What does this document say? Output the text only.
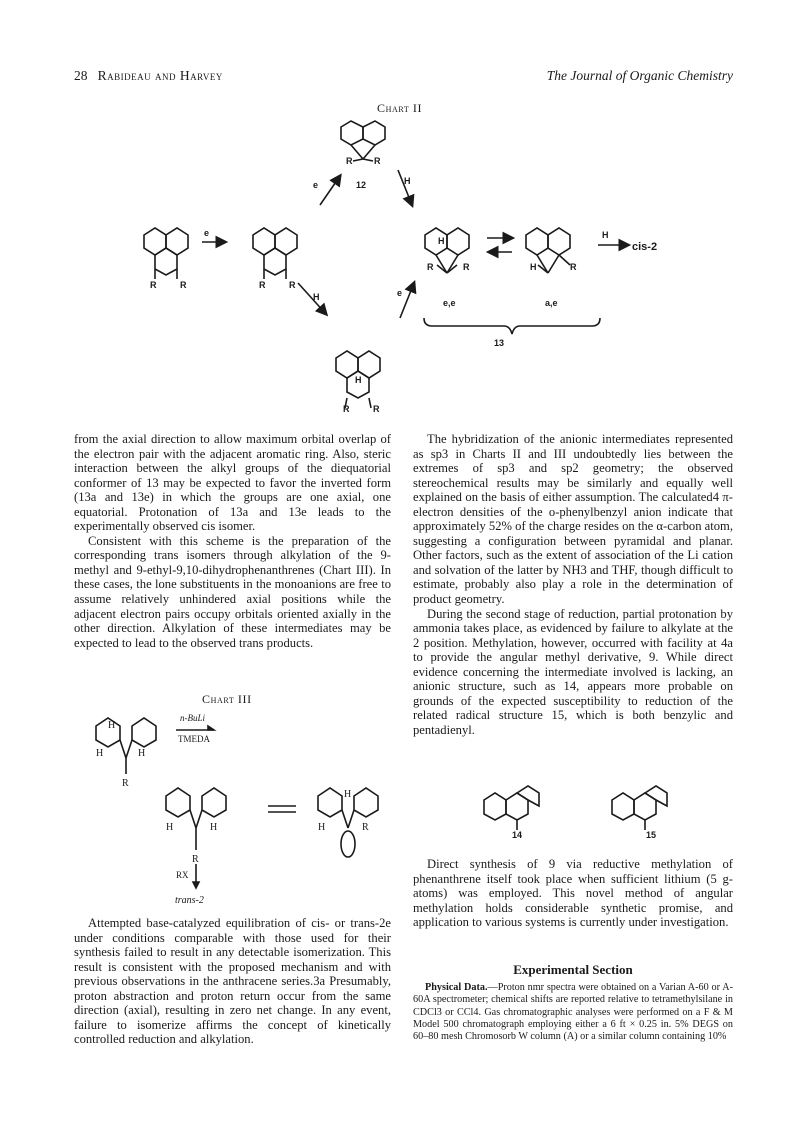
28 Rabideau and Harvey	The Journal of Organic Chemistry
Chart II
R R
12
e	H
e
R	R	R	R
H	e
R	R
H
H
R	R	H	R
H
cis-2
e,e	a,e
13

from the axial direction to allow maximum orbital overlap of the electron pair with the adjacent aromatic ring. Also, steric interaction between the alkyl groups of the diequatorial conformer of 13 may be expected to favor the inverted form (13a and 13e) in which the groups are one axial, one equatorial. Protonation of 13a and 13e leads to the experimentally observed cis isomer.

Consistent with this scheme is the preparation of the corresponding trans isomers through alkylation of the 9-methyl and 9-ethyl-9,10-dihydrophenanthrenes (Chart III). In these cases, the lone substituents in the monoanions are free to assume relatively unhindered axial positions while the adjacent electron pairs occupy orbitals oriented axially in the other direction. Alkylation of these intermediates may be expected to lead to the observed trans products.

Chart III
H
H	H
R
n-BuLi
TMEDA
H	H
R
H
H	R
RX
trans-2

Attempted base-catalyzed equilibration of cis- or trans-2e under conditions comparable with those used for their synthesis failed to result in any detectable isomerization. This result is consistent with the proposed mechanism and with previous observations in the anthracene series.3a Presumably, proton abstraction and proton return occur from the same direction (axial), resulting in zero net change. In any event, failure to isomerize affirms the concept of kinetically controlled reduction and alkylation.

The hybridization of the anionic intermediates represented as sp3 in Charts II and III undoubtedly lies between the extremes of sp3 and sp2 geometry; the observed stereochemical results may be similarly and equally well explained on the basis of either assumption. The calculated4 π-electron densities of the o-phenylbenzyl anion indicate that approximately 52% of the charge resides on the α-carbon atom, suggesting a configuration between pyramidal and planar. Other factors, such as the extent of association of the Li cation and solvation of the latter by NH3 and THF, though difficult to estimate, probably also play a role in the determination of product geometry.

During the second stage of reduction, partial protonation by ammonia takes place, as evidenced by failure to alkylate at the 2 position. Methylation, however, occurred with facility at 4a to provide the angular methyl derivative, 9. While direct evidence concerning the intermediate involved is lacking, an anionic structure, such as 14, appears more probable on grounds of the expected susceptibility to reduction of the related radical structure 15, which is both benzylic and pentadienyl.

14	15

Direct synthesis of 9 via reductive methylation of phenanthrene itself took place when sufficient lithium (5 g-atoms) was employed. This novel method of angular methylation holds considerable synthetic promise, and application to various systems is currently under investigation.

Experimental Section

Physical Data.—Proton nmr spectra were obtained on a Varian A-60 or A-60A spectrometer; chemical shifts are reported relative to tetramethylsilane in CDCl3 or CCl4. Gas chromatographic analyses were performed on a F & M Model 500 chromatograph employing either a 6 ft × 0.25 in. 5% DEGS on 60–80 mesh Chromosorb W column (A) or a similar column containing 10%
